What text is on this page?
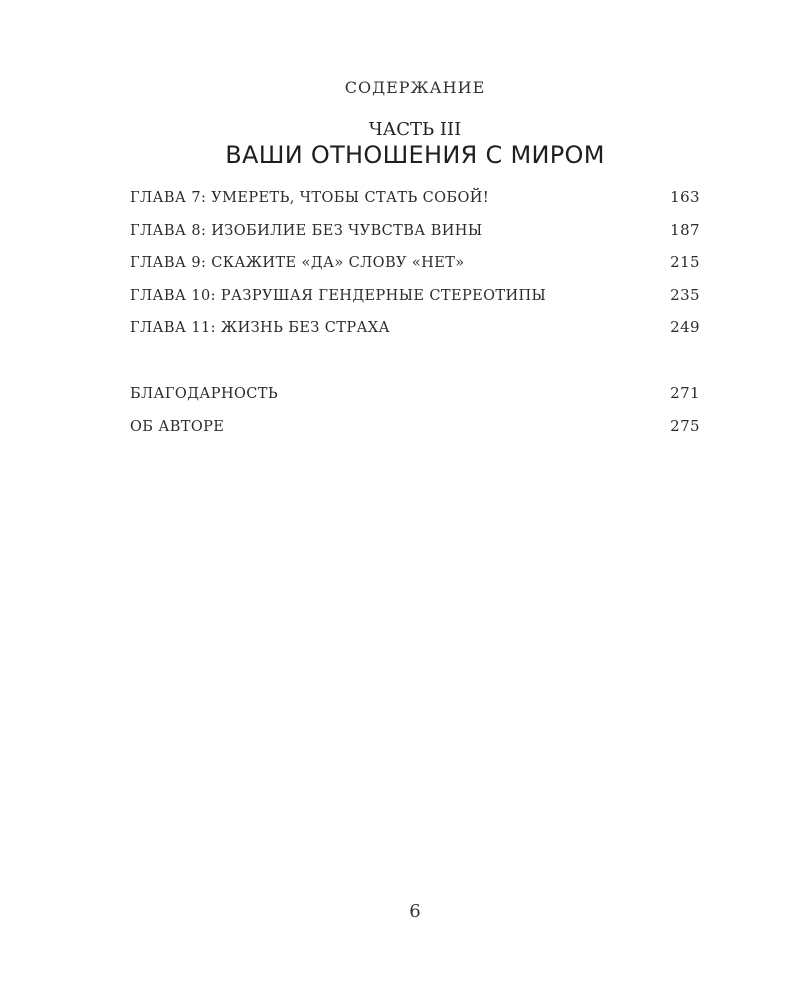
СОДЕРЖАНИЕ
ЧАСТЬ III
ВАШИ ОТНОШЕНИЯ С МИРОМ
ГЛАВА 7: УМЕРЕТЬ, ЧТОБЫ СТАТЬ СОБОЙ!	163
ГЛАВА 8: ИЗОБИЛИЕ БЕЗ ЧУВСТВА ВИНЫ	187
ГЛАВА 9: СКАЖИТЕ «ДА» СЛОВУ «НЕТ»	215
ГЛАВА 10: РАЗРУШАЯ ГЕНДЕРНЫЕ СТЕРЕОТИПЫ	235
ГЛАВА 11: ЖИЗНЬ БЕЗ СТРАХА	249
БЛАГОДАРНОСТЬ	271
ОБ АВТОРЕ	275
6
